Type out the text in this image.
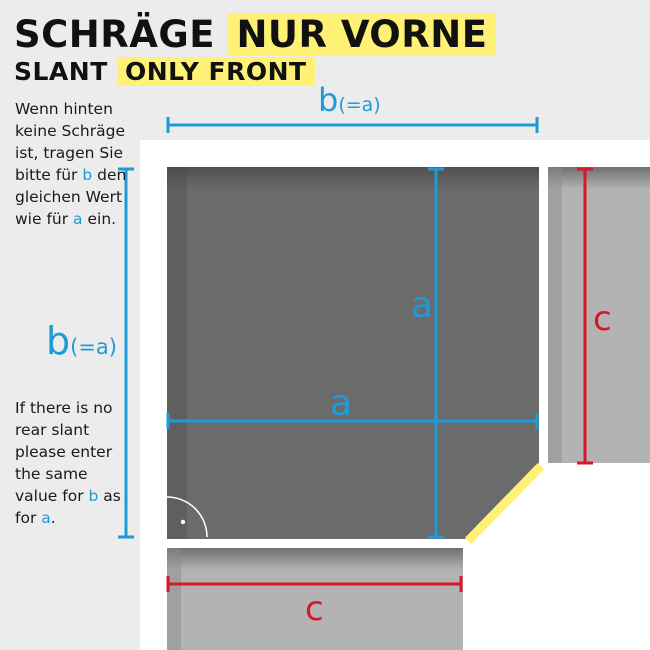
SCHRÄGE NUR VORNE
SLANT ONLY FRONT

Wenn hinten keine Schräge ist, tragen Sie bitte für b den gleichen Wert wie für a ein.

If there is no rear slant please enter the same value for b as for a.

b(=a)
b(=a)
a
a
c
c
45°
